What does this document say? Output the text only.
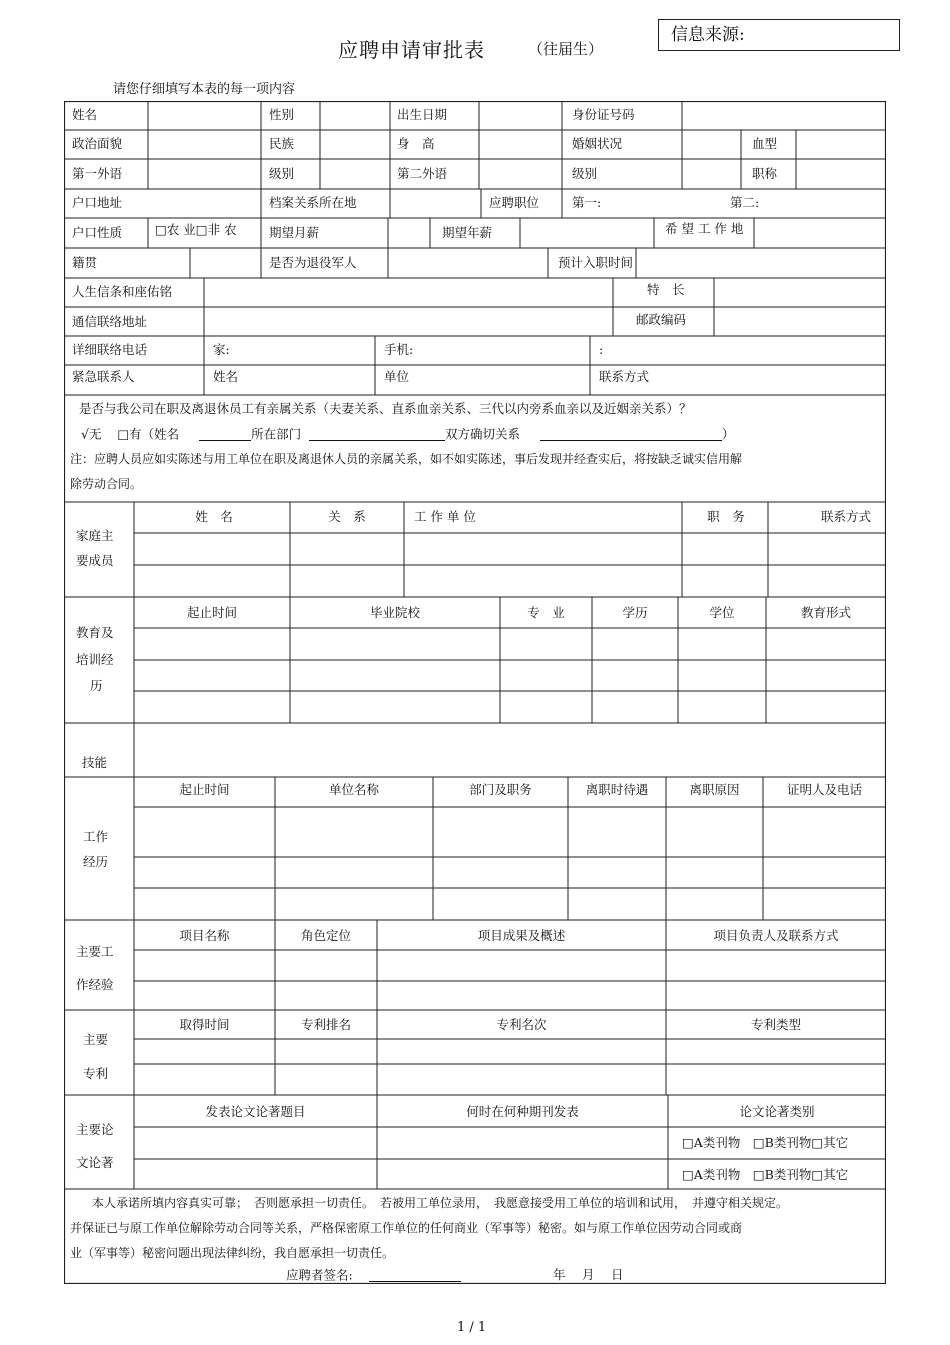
应聘申请审批表	（往届生）
信息来源:
请您仔细填写本表的每一项内容
姓名	性别	出生日期	身份证号码
政治面貌	民族	身　高	婚姻状况	血型
第一外语	级别	第二外语	级别	职称
户口地址	档案关系所在地	应聘职位	第一:	第二:
户口性质	□农 业□非 农	期望月薪	期望年薪	希 望 工 作 地
籍贯	是否为退役军人	预计入职时间
人生信条和座佑铭	特　长
通信联络地址	邮政编码
详细联络电话	家:	手机:	:
紧急联系人	姓名	单位	联系方式
是否与我公司在职及离退休员工有亲属关系（夫妻关系、直系血亲关系、三代以内旁系血亲以及近姻亲关系）？
√无 □有（姓名	所在部门	双方确切关系	）
注：应聘人员应如实陈述与用工单位在职及离退休人员的亲属关系，如不如实陈述，事后发现并经查实后，将按缺乏诚实信用解
除劳动合同。
家庭主
要成员
姓　名	关　系	工 作 单 位	职　务	联系方式
教育及
培训经
历
起止时间	毕业院校	专　业	学历	学位	教育形式
技能
工作
经历
起止时间	单位名称	部门及职务	离职时待遇	离职原因	证明人及电话
主要工
作经验
项目名称	角色定位	项目成果及概述	项目负责人及联系方式
主要
专利
取得时间	专利排名	专利名次	专利类型
主要论
文论著
发表论文论著题目	何时在何种期刊发表	论文论著类别
□A类刊物　□B类刊物□其它
□A类刊物　□B类刊物□其它
本人承诺所填内容真实可靠；　否则愿承担一切责任。　若被用工单位录用，　我愿意接受用工单位的培训和试用，　并遵守相关规定。
并保证已与原工作单位解除劳动合同等关系，严格保密原工作单位的任何商业（军事等）秘密。如与原工作单位因劳动合同或商
业（军事等）秘密问题出现法律纠纷，我自愿承担一切责任。
应聘者签名:	年　 月　 日
1 / 1
